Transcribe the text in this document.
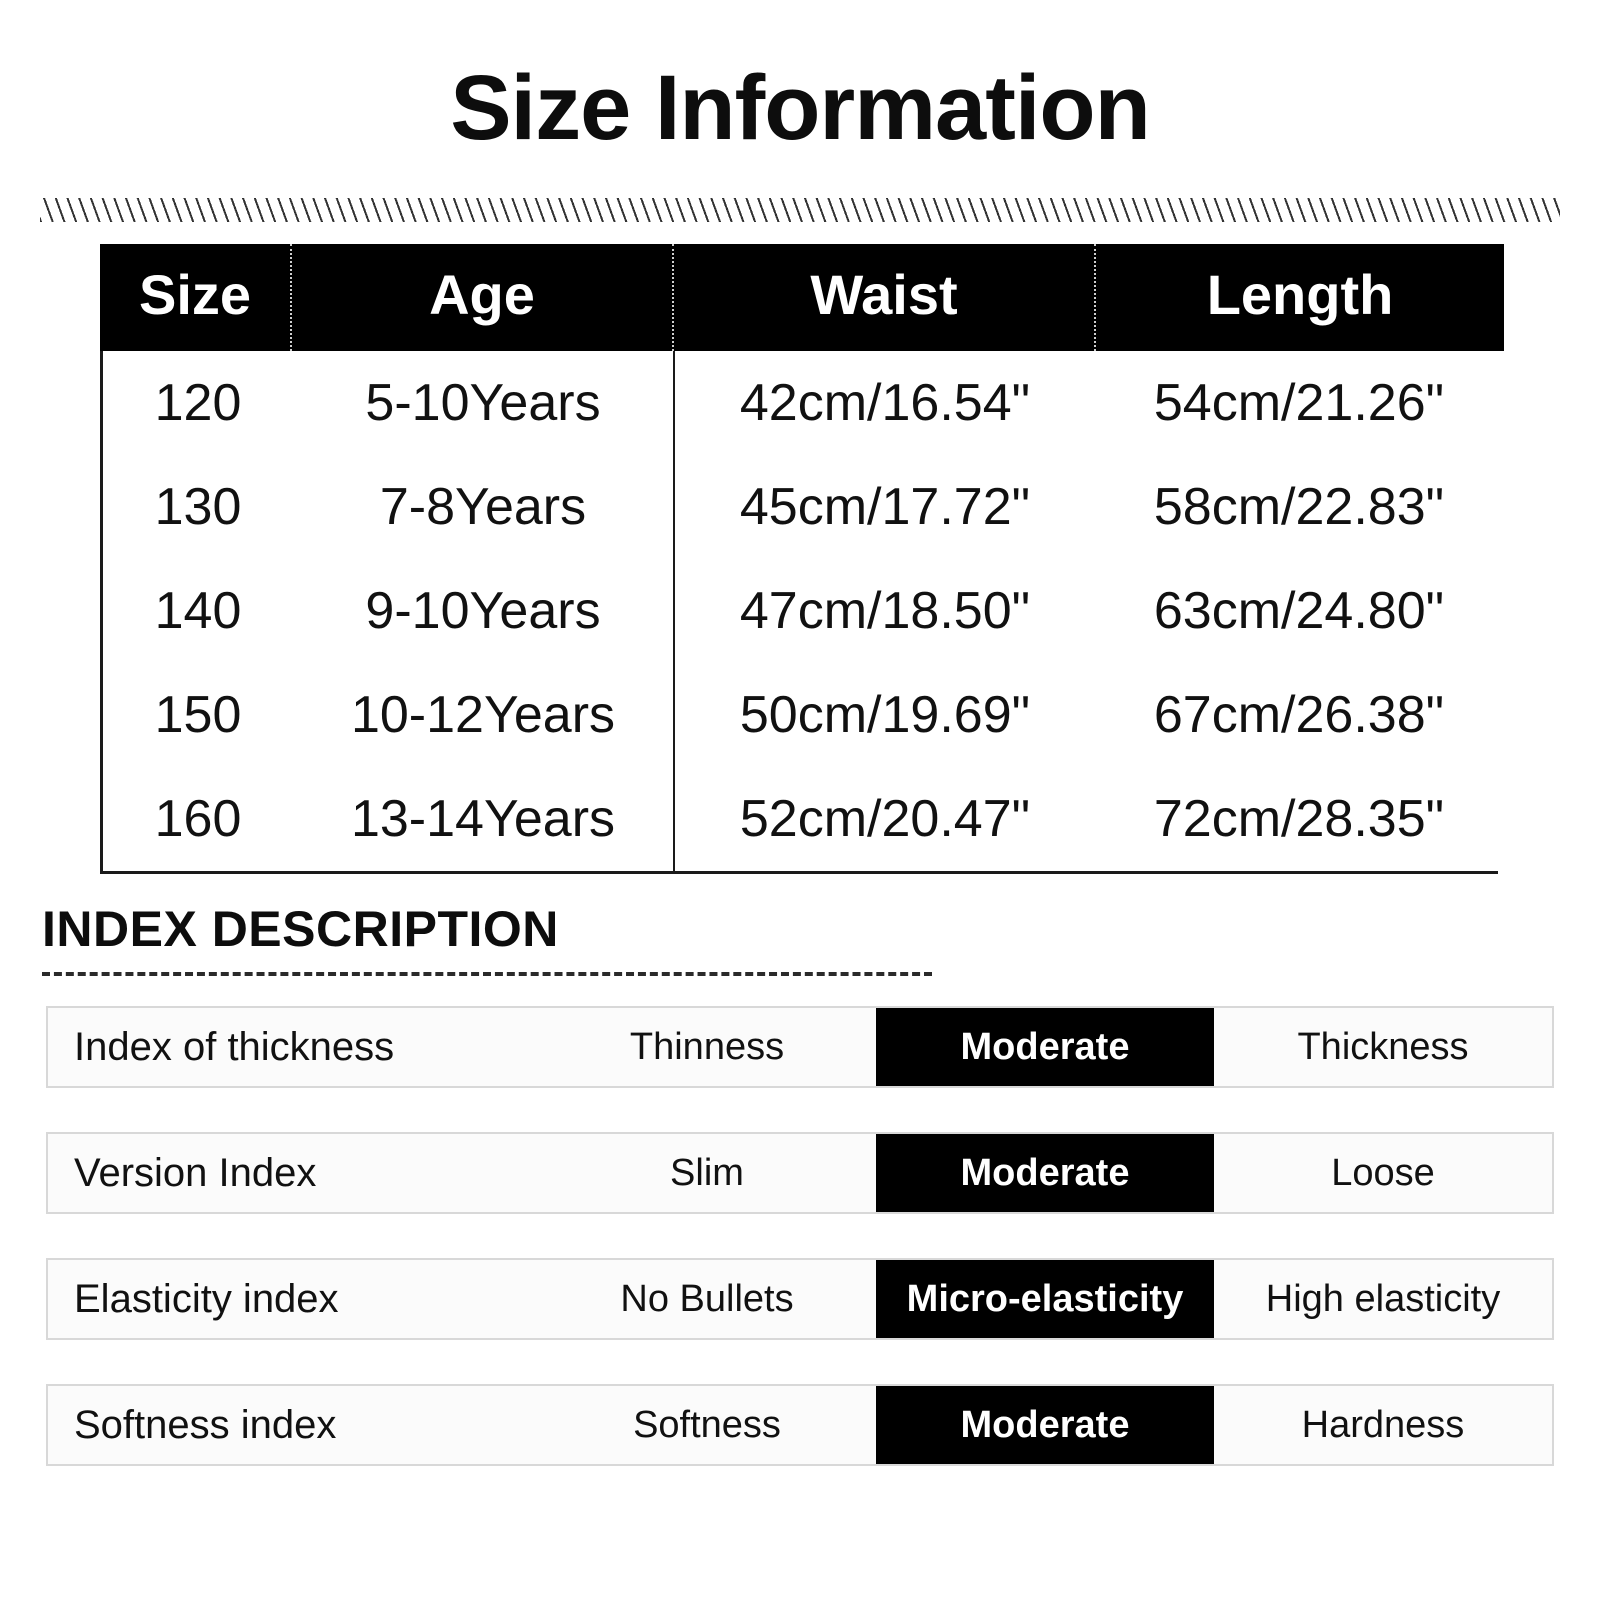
Size Information
Size	Age	Waist	Length
120	5-10Years	42cm/16.54"	54cm/21.26"
130	7-8Years	45cm/17.72"	58cm/22.83"
140	9-10Years	47cm/18.50"	63cm/24.80"
150	10-12Years	50cm/19.69"	67cm/26.38"
160	13-14Years	52cm/20.47"	72cm/28.35"
INDEX DESCRIPTION
Index of thickness	Thinness	Moderate	Thickness
Version Index	Slim	Moderate	Loose
Elasticity index	No Bullets	Micro-elasticity	High elasticity
Softness index	Softness	Moderate	Hardness
